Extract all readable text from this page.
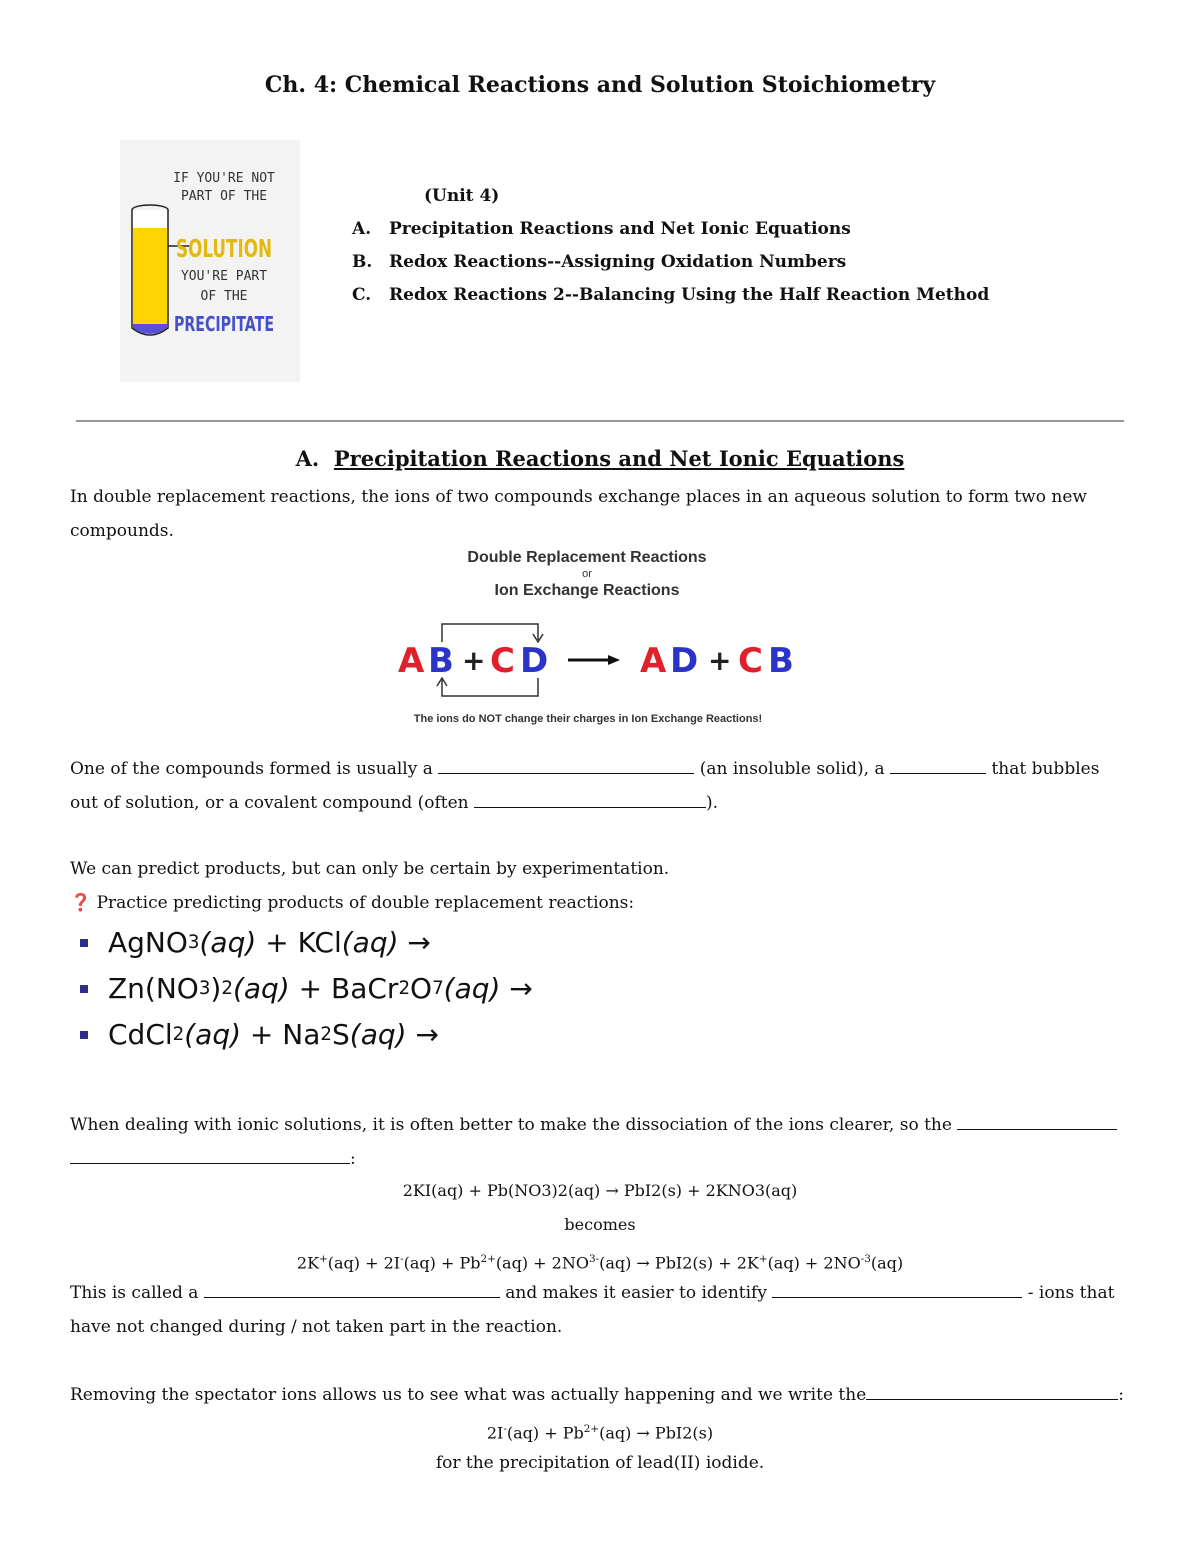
Ch. 4: Chemical Reactions and Solution Stoichiometry
IF YOU'RE NOT
PART OF THE
SOLUTION
YOU'RE PART
OF THE
PRECIPITATE
(Unit 4)
A.	Precipitation Reactions and Net Ionic Equations
B. Redox Reactions--Assigning Oxidation Numbers
C.	Redox Reactions 2--Balancing Using the Half Reaction Method
A. Precipitation Reactions and Net Ionic Equations
In double replacement reactions, the ions of two compounds exchange places in an aqueous solution to form two new
compounds.
Double Replacement Reactions
or
Ion Exchange Reactions
A B + C D	A D + C B
The ions do NOT change their charges in Ion Exchange Reactions!
One of the compounds formed is usually a	(an insoluble solid), a	that bubbles
out of solution, or a covalent compound (often	).
We can predict products, but can only be certain by experimentation.
❓ Practice predicting products of double replacement reactions:
AgNO 3 (aq)
+
KCl (aq)
→
Zn(NO 3 ) 2 (aq)
+
BaCr 2 O 7 (aq)
→
CdCl 2 (aq)
+
Na 2 S (aq)
→
When dealing with ionic solutions, it is often better to make the dissociation of the ions clearer, so the
:
2KI(aq) + Pb(NO3)2(aq) → PbI2(s) + 2KNO3(aq)
becomes
$2K^+(aq) + 2I^-(aq) + Pb^{2+}(aq) + 2NO^{3-}(aq) \to PbI2(s) + 2K^+(aq) + 2NO^{-3}(aq)$
This is called a	and makes it easier to identify	- ions that
have not changed during / not taken part in the reaction.
Removing the spectator ions allows us to see what was actually happening and we write the	:
$2I^-(aq) + Pb^{2+}(aq) \to PbI2(s)$
for the precipitation of lead(II) iodide.
